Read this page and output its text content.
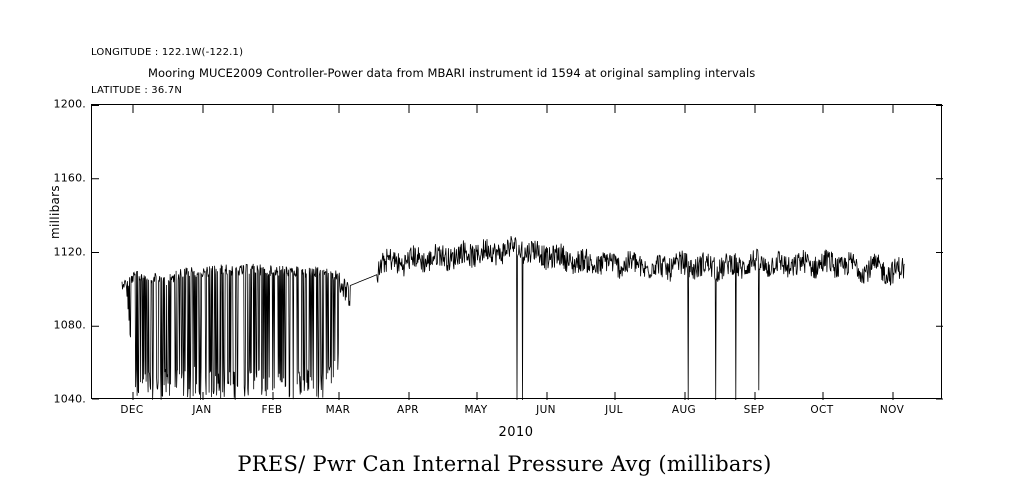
LONGITUDE : 122.1W(-122.1)

LATITUDE : 36.7N

Mooring MUCE2009 Controller-Power data from MBARI instrument id 1594 at original sampling intervals
millibars
1200.
1160.
1120.
1080.
1040.
DEC	JAN	FEB	MAR	APR	MAY	JUN	JUL	AUG	SEP	OCT	NOV
2010
PRES/ Pwr Can Internal Pressure Avg (millibars)
